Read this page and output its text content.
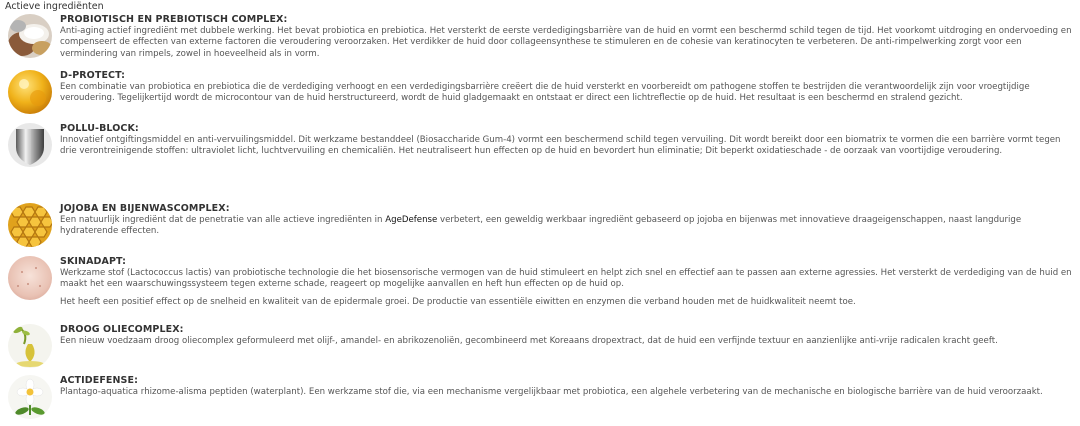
Actieve ingrediënten
PROBIOTISCH EN PREBIOTISCH COMPLEX:
Anti-aging actief ingrediënt met dubbele werking. Het bevat probiotica en prebiotica. Het versterkt de eerste verdedigingsbarrière van de huid en vormt een beschermd schild tegen de tijd. Het voorkomt uitdroging en ondervoeding en compenseert de effecten van externe factoren die veroudering veroorzaken. Het verdikker de huid door collageensynthese te stimuleren en de cohesie van keratinocyten te verbeteren. De anti-rimpelwerking zorgt voor een vermindering van rimpels, zowel in hoeveelheid als in vorm.
D-PROTECT:
Een combinatie van probiotica en prebiotica die de verdediging verhoogt en een verdedigingsbarrière creëert die de huid versterkt en voorbereidt om pathogene stoffen te bestrijden die verantwoordelijk zijn voor vroegtijdige veroudering. Tegelijkertijd wordt de microcontour van de huid herstructureerd, wordt de huid gladgemaakt en ontstaat er direct een lichtreflectie op de huid. Het resultaat is een beschermd en stralend gezicht.
POLLU-BLOCK:
Innovatief ontgiftingsmiddel en anti-vervuilingsmiddel. Dit werkzame bestanddeel (Biosaccharide Gum-4) vormt een beschermend schild tegen vervuiling. Dit wordt bereikt door een biomatrix te vormen die een barrière vormt tegen drie verontreinigende stoffen: ultraviolet licht, luchtvervuiling en chemicaliën. Het neutraliseert hun effecten op de huid en bevordert hun eliminatie; Dit beperkt oxidatieschade - de oorzaak van voortijdige veroudering.
JOJOBA EN BIJENWASCOMPLEX:
Een natuurlijk ingrediënt dat de penetratie van alle actieve ingrediënten in AgeDefense verbetert, een geweldig werkbaar ingrediënt gebaseerd op jojoba en bijenwas met innovatieve draageigenschappen, naast langdurige hydraterende effecten.
SKINADAPT:
Werkzame stof (Lactococcus lactis) van probiotische technologie die het biosensorische vermogen van de huid stimuleert en helpt zich snel en effectief aan te passen aan externe agressies. Het versterkt de verdediging van de huid en maakt het een waarschuwingssysteem tegen externe schade, reageert op mogelijke aanvallen en heft hun effecten op de huid op.
Het heeft een positief effect op de snelheid en kwaliteit van de epidermale groei. De productie van essentiële eiwitten en enzymen die verband houden met de huidkwaliteit neemt toe.
DROOG OLIECOMPLEX:
Een nieuw voedzaam droog oliecomplex geformuleerd met olijf-, amandel- en abrikozenoliën, gecombineerd met Koreaans dropextract, dat de huid een verfijnde textuur en aanzienlijke anti-vrije radicalen kracht geeft.
ACTIDEFENSE:
Plantago-aquatica rhizome-alisma peptiden (waterplant). Een werkzame stof die, via een mechanisme vergelijkbaar met probiotica, een algehele verbetering van de mechanische en biologische barrière van de huid veroorzaakt.
